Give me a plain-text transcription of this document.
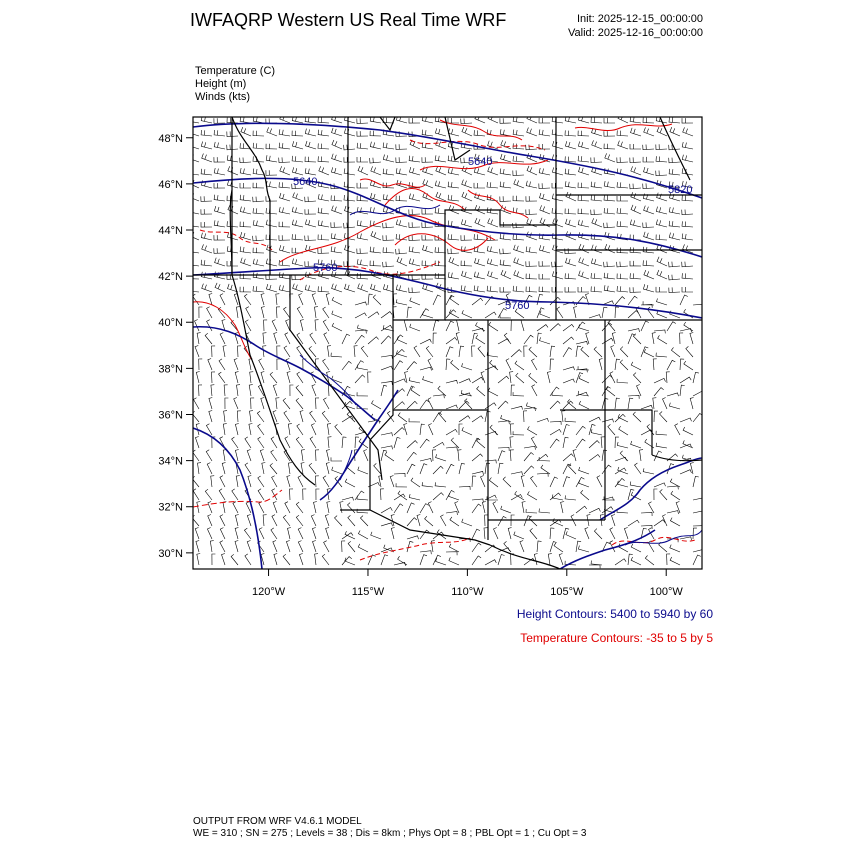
IWFAQRP Western US Real Time WRF	Init: 2025-12-15_00:00:00
Valid: 2025-12-16_00:00:00
Temperature (C)
Height (m)
Winds (kts)
5640
5640
5760
5760
5820
48°N
46°N
44°N
42°N
40°N
38°N
36°N
34°N
32°N
30°N
120°W	115°W	110°W	105°W	100°W
Height Contours: 5400 to 5940 by 60
Temperature Contours: -35 to 5 by 5
OUTPUT FROM WRF V4.6.1 MODEL
WE = 310 ; SN = 275 ; Levels = 38 ; Dis = 8km ; Phys Opt = 8 ; PBL Opt = 1 ; Cu Opt = 3
